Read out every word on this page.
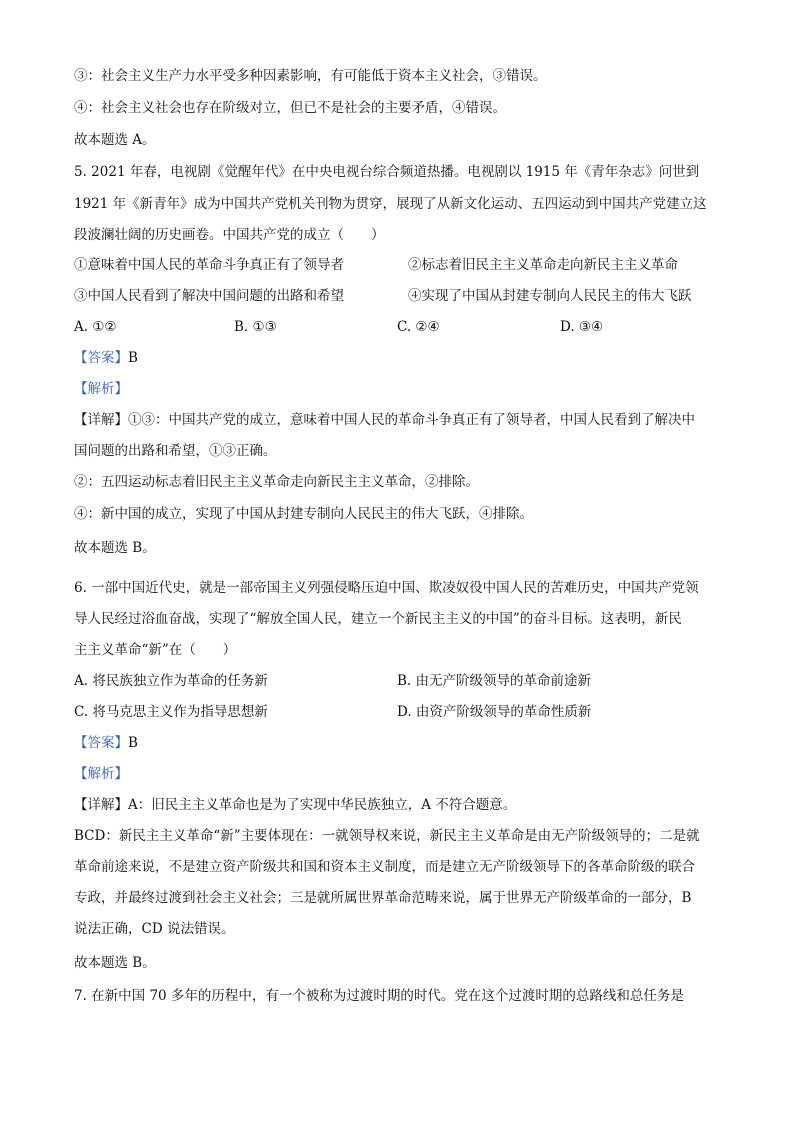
③：社会主义生产力水平受多种因素影响，有可能低于资本主义社会，③错误。
④：社会主义社会也存在阶级对立，但已不是社会的主要矛盾，④错误。
故本题选 A。
5. 2021 年春，电视剧《觉醒年代》在中央电视台综合频道热播。电视剧以 1915 年《青年杂志》问世到
1921 年《新青年》成为中国共产党机关刊物为贯穿，展现了从新文化运动、五四运动到中国共产党建立这
段波澜壮阔的历史画卷。中国共产党的成立（　　）
①意味着中国人民的革命斗争真正有了领导者	②标志着旧民主主义革命走向新民主主义革命
③中国人民看到了解决中国问题的出路和希望	④实现了中国从封建专制向人民民主的伟大飞跃
A. ①②	B. ①③	C. ②④	D. ③④
【答案】B
【解析】
【详解】①③：中国共产党的成立，意味着中国人民的革命斗争真正有了领导者，中国人民看到了解决中
国问题的出路和希望，①③正确。
②：五四运动标志着旧民主主义革命走向新民主主义革命，②排除。
④：新中国的成立，实现了中国从封建专制向人民民主的伟大飞跃，④排除。
故本题选 B。
6. 一部中国近代史，就是一部帝国主义列强侵略压迫中国、欺凌奴役中国人民的苦难历史，中国共产党领
导人民经过浴血奋战，实现了“解放全国人民，建立一个新民主主义的中国”的奋斗目标。这表明，新民
主主义革命“新”在（　　）
A. 将民族独立作为革命的任务新	B. 由无产阶级领导的革命前途新
C. 将马克思主义作为指导思想新	D. 由资产阶级领导的革命性质新
【答案】B
【解析】
【详解】A：旧民主主义革命也是为了实现中华民族独立，A 不符合题意。
BCD：新民主主义革命“新”主要体现在：一就领导权来说，新民主主义革命是由无产阶级领导的；二是就
革命前途来说，不是建立资产阶级共和国和资本主义制度，而是建立无产阶级领导下的各革命阶级的联合
专政，并最终过渡到社会主义社会；三是就所属世界革命范畴来说，属于世界无产阶级革命的一部分，B
说法正确，CD 说法错误。
故本题选 B。
7. 在新中国 70 多年的历程中，有一个被称为过渡时期的时代。党在这个过渡时期的总路线和总任务是
